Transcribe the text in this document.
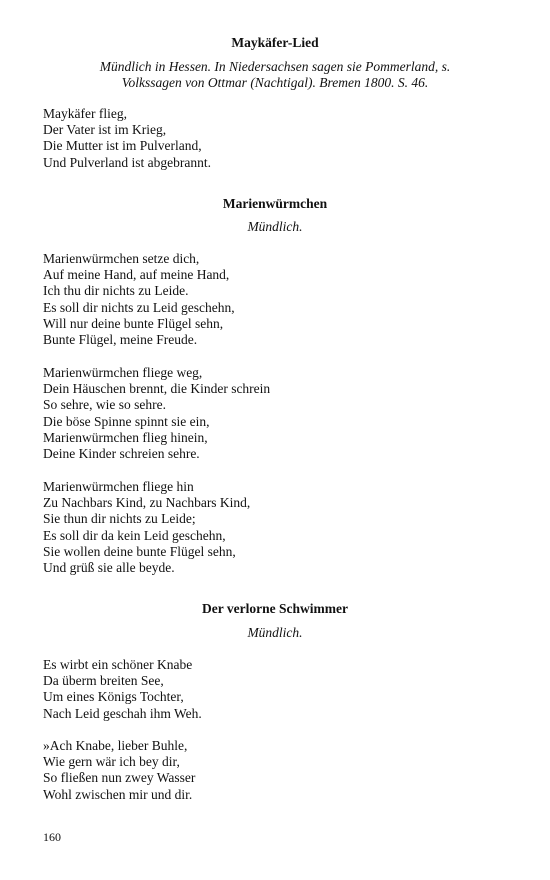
Maykäfer-Lied
Mündlich in Hessen. In Niedersachsen sagen sie Pommerland, s.
Volkssagen von Ottmar (Nachtigal). Bremen 1800. S. 46.
Maykäfer flieg,
Der Vater ist im Krieg,
Die Mutter ist im Pulverland,
Und Pulverland ist abgebrannt.
Marienwürmchen
Mündlich.
Marienwürmchen setze dich,
Auf meine Hand, auf meine Hand,
Ich thu dir nichts zu Leide.
Es soll dir nichts zu Leid geschehn,
Will nur deine bunte Flügel sehn,
Bunte Flügel, meine Freude.
Marienwürmchen fliege weg,
Dein Häuschen brennt, die Kinder schrein
So sehre, wie so sehre.
Die böse Spinne spinnt sie ein,
Marienwürmchen flieg hinein,
Deine Kinder schreien sehre.
Marienwürmchen fliege hin
Zu Nachbars Kind, zu Nachbars Kind,
Sie thun dir nichts zu Leide;
Es soll dir da kein Leid geschehn,
Sie wollen deine bunte Flügel sehn,
Und grüß sie alle beyde.
Der verlorne Schwimmer
Mündlich.
Es wirbt ein schöner Knabe
Da überm breiten See,
Um eines Königs Tochter,
Nach Leid geschah ihm Weh.
»Ach Knabe, lieber Buhle,
Wie gern wär ich bey dir,
So fließen nun zwey Wasser
Wohl zwischen mir und dir.
160
